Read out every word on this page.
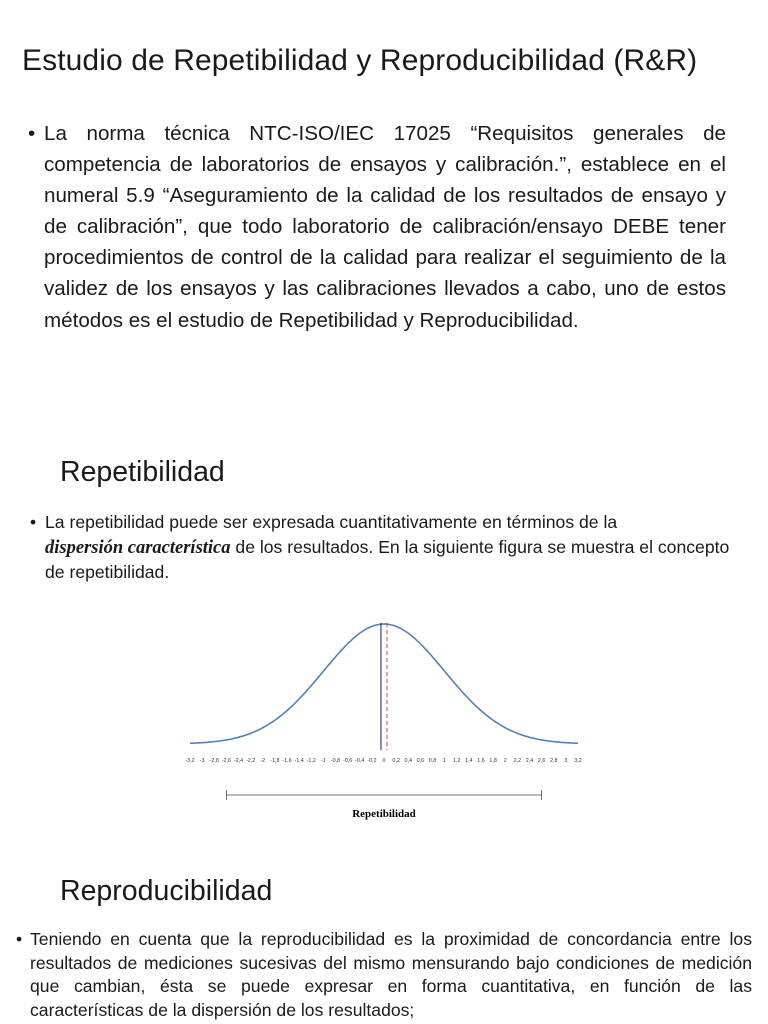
Estudio de Repetibilidad y Reproducibilidad (R&R)
• La norma técnica NTC-ISO/IEC 17025 “Requisitos generales de competencia de laboratorios de ensayos y calibración.”, establece en el numeral 5.9 “Aseguramiento de la calidad de los resultados de ensayo y de calibración”, que todo laboratorio de calibración/ensayo DEBE tener procedimientos de control de la calidad para realizar el seguimiento de la validez de los ensayos y las calibraciones llevados a cabo, uno de estos métodos es el estudio de Repetibilidad y Reproducibilidad.

Repetibilidad
• La repetibilidad puede ser expresada cuantitativamente en términos de la
dispersión característica de los resultados. En la siguiente figura se muestra el concepto de repetibilidad.

-3,2 -3 -2,8 -2,6 -2,4 -2,2 -2 -1,8 -1,6 -1,4 -1,2 -1 -0,8 -0,6 -0,4 -0,2 0 0,2 0,4 0,6 0,8 1 1,2 1,4 1,6 1,8 2 2,2 2,4 2,6 2,8 3 3,2
Repetibilidad
Reproducibilidad
• Teniendo en cuenta que la reproducibilidad es la proximidad de concordancia entre los resultados de mediciones sucesivas del mismo mensurando bajo condiciones de medición que cambian, ésta se puede expresar en forma cuantitativa, en función de las características de la dispersión de los resultados;
